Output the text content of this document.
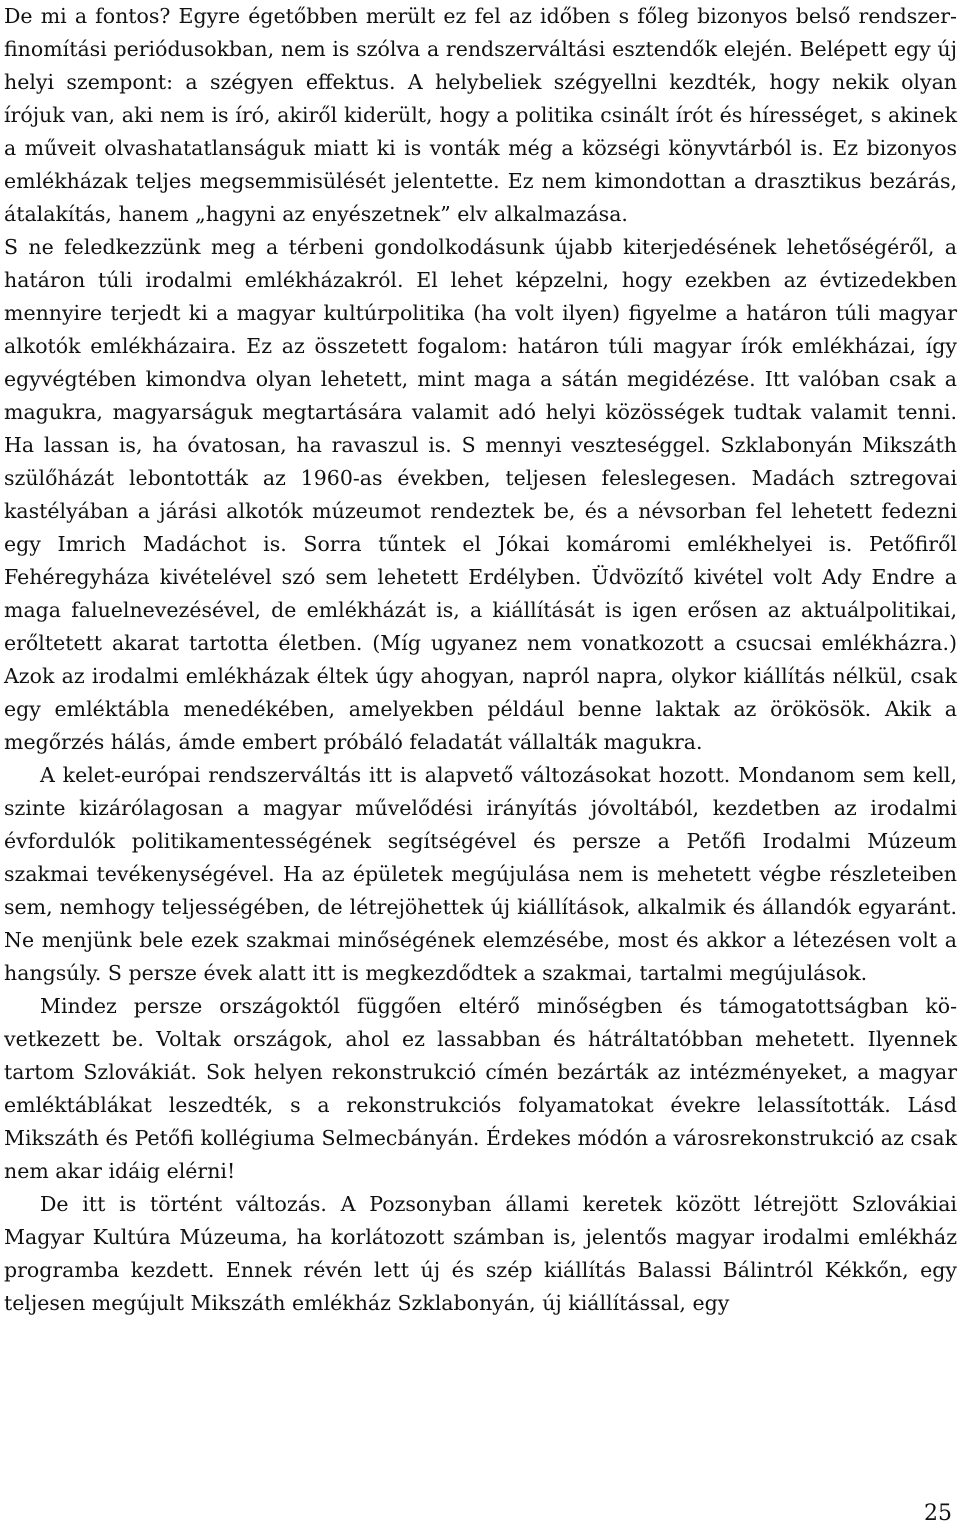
De mi a fontos? Egyre égetőbben merült ez fel az időben s főleg bizonyos belső rendszer-finomítási periódusokban, nem is szólva a rendszerváltási esztendők elején. Belépett egy új helyi szempont: a szégyen effektus. A helybeliek szégyellni kezdték, hogy nekik olyan írójuk van, aki nem is író, akiről kiderült, hogy a politika csinált írót és hírességet, s akinek a műveit olvashatatlanságuk miatt ki is vonták még a községi könyvtárból is. Ez bizonyos emlékházak teljes megsemmisülését jelentette. Ez nem kimondottan a drasztikus bezárás, átalakítás, hanem „hagyni az enyészetnek” elv alkalmazása.

S ne feledkezzünk meg a térbeni gondolkodásunk újabb kiterjedésének lehetőségéről, a határon túli irodalmi emlékházakról. El lehet képzelni, hogy ezekben az évtizedekben mennyire terjedt ki a magyar kultúrpolitika (ha volt ilyen) figyelme a határon túli magyar alkotók emlékházaira. Ez az összetett fogalom: határon túli magyar írók emlékházai, így egyvégtében kimondva olyan lehetett, mint maga a sátán megidézése. Itt valóban csak a magukra, magyarságuk megtartására valamit adó helyi közösségek tudtak valamit tenni. Ha lassan is, ha óvatosan, ha ravaszul is. S mennyi veszteséggel. Szklabonyán Mikszáth szülőházát lebontották az 1960-as években, teljesen feleslegesen. Madách sztregovai kastélyában a járási alkotók múzeumot rendeztek be, és a névsorban fel lehetett fedezni egy Imrich Madáchot is. Sorra tűntek el Jókai komáromi emlékhelyei is. Petőfiről Fehéregyháza kivételével szó sem lehetett Erdélyben. Üdvözítő kivétel volt Ady Endre a maga faluelnevezésével, de emlékházát is, a kiállítását is igen erősen az aktuálpolitikai, erőltеtett akarat tartotta életben. (Míg ugyanez nem vonatkozott a csucsai emlékházra.) Azok az irodalmi emlékházak éltek úgy ahogyan, napról napra, olykor kiállítás nélkül, csak egy emléktábla menedékében, amelyekben például benne laktak az örökösök. Akik a megőrzés hálás, ámde embert próbáló feladatát vállalták magukra.

A kelet-európai rendszerváltás itt is alapvető változásokat hozott. Mondanom sem kell, szinte kizárólagosan a magyar művelődési irányítás jóvoltából, kezdetben az irodalmi évfordulók politikamentességének segítségével és persze a Petőfi Irodalmi Múzeum szakmai tevékenységével. Ha az épületek megújulása nem is mehetett végbe részleteiben sem, nemhogy teljességében, de létrejöhettek új kiállítások, alkalmik és állandók egyaránt. Ne menjünk bele ezek szakmai minőségének elemzésébe, most és akkor a létezésen volt a hangsúly. S persze évek alatt itt is megkezdődtek a szakmai, tartalmi megújulások.

Mindez persze országoktól függően eltérő minőségben és támogatottságban következett be. Voltak országok, ahol ez lassabban és hátráltatóbban mehetett. Ilyennek tartom Szlovákiát. Sok helyen rekonstrukció címén bezárták az intézményeket, a magyar emléktáblákat leszedték, s a rekonstrukciós folyamatokat évekre lelassították. Lásd Mikszáth és Petőfi kollégiuma Selmecbányán. Érdekes módón a városrekonstrukció az csak nem akar idáig elérni!

De itt is történt változás. A Pozsonyban állami keretek között létrejött Szlovákiai Magyar Kultúra Múzeuma, ha korlátozott számban is, jelentős magyar irodalmi emlékház programba kezdett. Ennek révén lett új és szép kiállítás Balassi Bálintról Kékkőn, egy teljesen megújult Mikszáth emlékház Szklabonyán, új kiállítással, egy

25
